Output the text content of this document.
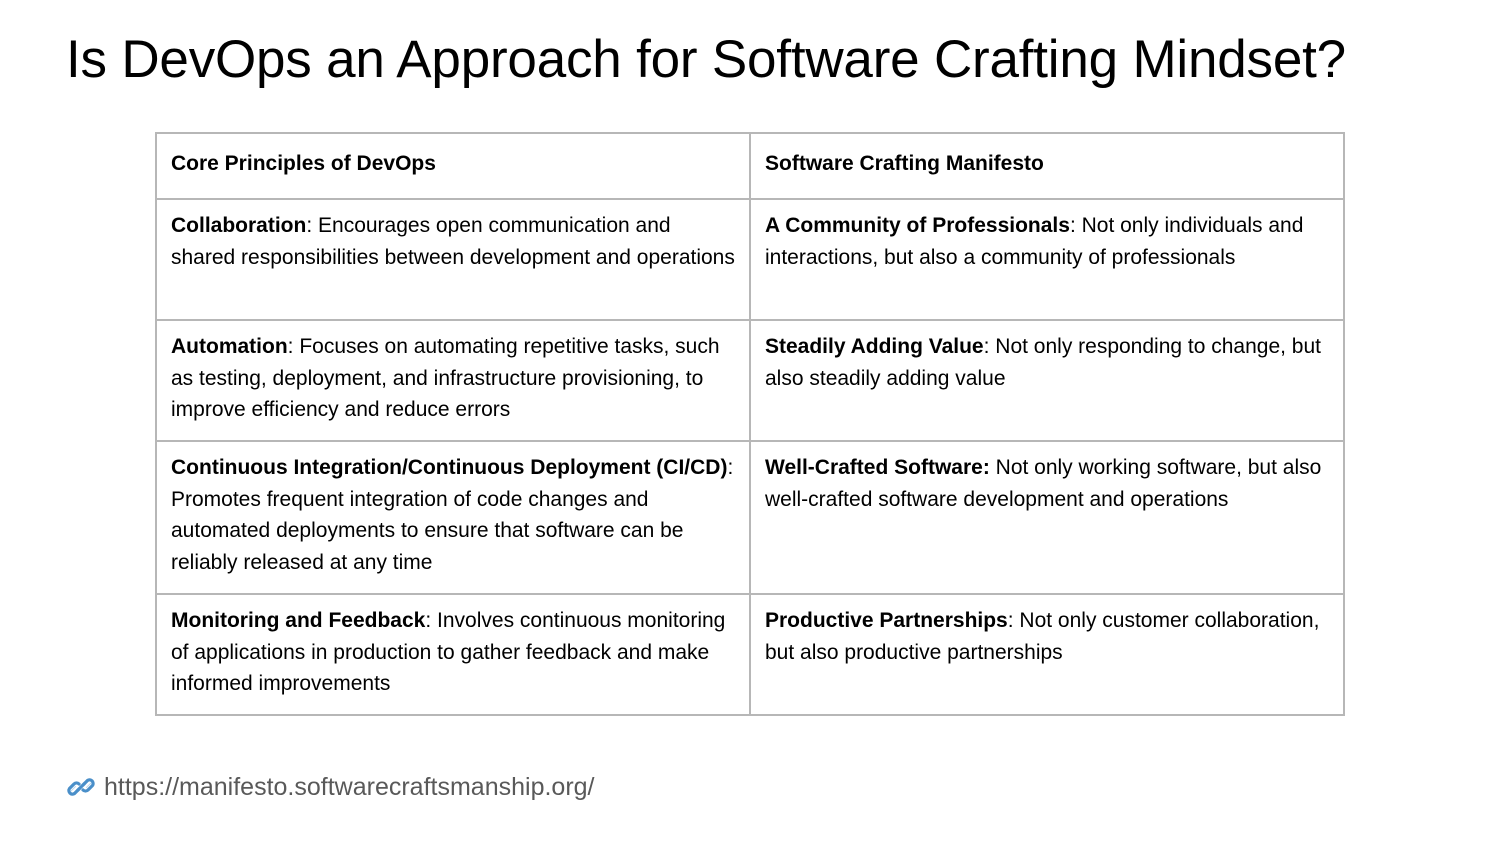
Is DevOps an Approach for Software Crafting Mindset?
Core Principles of DevOps	Software Crafting Manifesto
Collaboration: Encourages open communication and shared responsibilities between development and operations	A Community of Professionals: Not only individuals and interactions, but also a community of professionals
Automation: Focuses on automating repetitive tasks, such as testing, deployment, and infrastructure provisioning, to improve efficiency and reduce errors	Steadily Adding Value: Not only responding to change, but also steadily adding value
Continuous Integration/Continuous Deployment (CI/CD): Promotes frequent integration of code changes and automated deployments to ensure that software can be reliably released at any time	Well-Crafted Software: Not only working software, but also well-crafted software development and operations
Monitoring and Feedback: Involves continuous monitoring of applications in production to gather feedback and make informed improvements	Productive Partnerships: Not only customer collaboration, but also productive partnerships
https://manifesto.softwarecraftsmanship.org/
